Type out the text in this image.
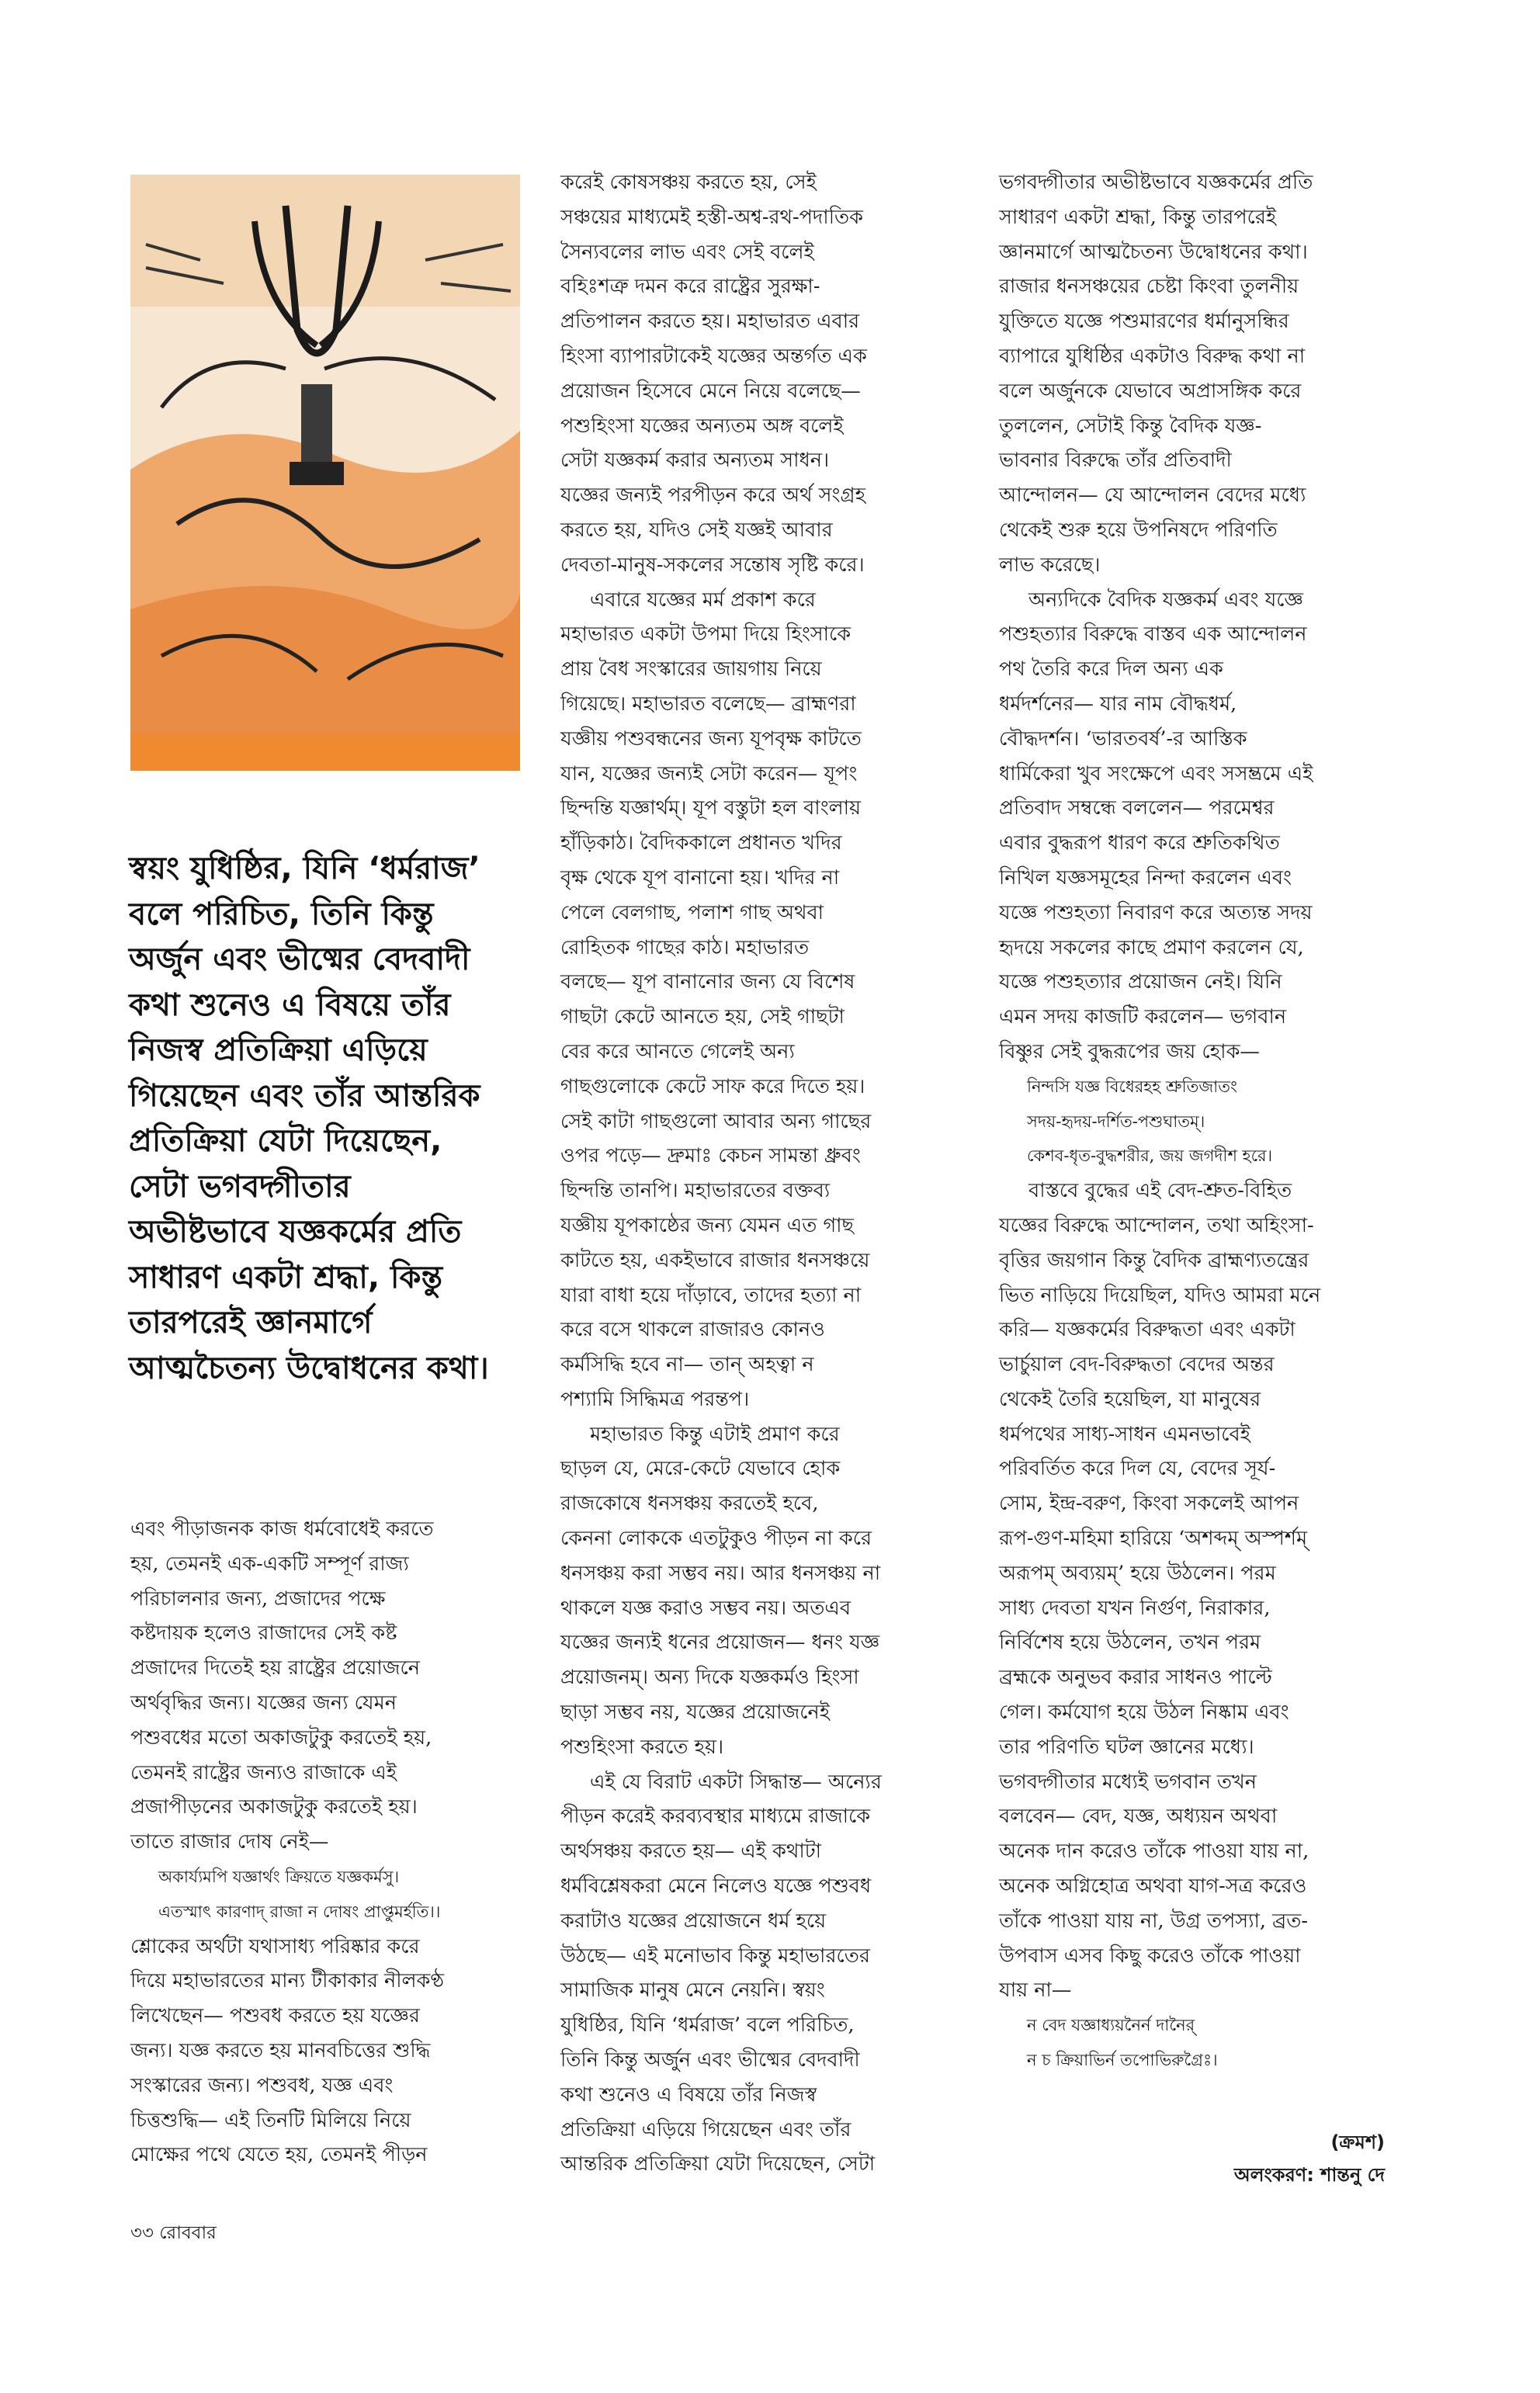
স্বয়ং যুধিষ্ঠির, যিনি ‘ধর্মরাজ’
বলে পরিচিত, তিনি কিন্তু
অর্জুন এবং ভীষ্মের বেদবাদী
কথা শুনেও এ বিষয়ে তাঁর
নিজস্ব প্রতিক্রিয়া এড়িয়ে
গিয়েছেন এবং তাঁর আন্তরিক
প্রতিক্রিয়া যেটা দিয়েছেন,
সেটা ভগবদ্গীতার
অভীষ্টভাবে যজ্ঞকর্মের প্রতি
সাধারণ একটা শ্রদ্ধা, কিন্তু
তারপরেই জ্ঞানমার্গে
আত্মচৈতন্য উদ্বোধনের কথা।
এবং পীড়াজনক কাজ ধর্মবোধেই করতে
হয়, তেমনই এক-একটি সম্পূর্ণ রাজ্য
পরিচালনার জন্য, প্রজাদের পক্ষে
কষ্টদায়ক হলেও রাজাদের সেই কষ্ট
প্রজাদের দিতেই হয় রাষ্ট্রের প্রয়োজনে
অর্থবৃদ্ধির জন্য। যজ্ঞের জন্য যেমন
পশুবধের মতো অকাজটুকু করতেই হয়,
তেমনই রাষ্ট্রের জন্যও রাজাকে এই
প্রজাপীড়নের অকাজটুকু করতেই হয়।
তাতে রাজার দোষ নেই—
অকার্য্যমপি যজ্ঞার্থং ক্রিয়তে যজ্ঞকর্মসু।
এতস্মাৎ কারণাদ্ রাজা ন দোষং প্রাপ্তুমর্হতি।।
শ্লোকের অর্থটা যথাসাধ্য পরিষ্কার করে
দিয়ে মহাভারতের মান্য টীকাকার নীলকণ্ঠ
লিখেছেন— পশুবধ করতে হয় যজ্ঞের
জন্য। যজ্ঞ করতে হয় মানবচিত্তের শুদ্ধি
সংস্কারের জন্য। পশুবধ, যজ্ঞ এবং
চিত্তশুদ্ধি— এই তিনটি মিলিয়ে নিয়ে
মোক্ষের পথে যেতে হয়, তেমনই পীড়ন
করেই কোষসঞ্চয় করতে হয়, সেই
সঞ্চয়ের মাধ্যমেই হস্তী-অশ্ব-রথ-পদাতিক
সৈন্যবলের লাভ এবং সেই বলেই
বহিঃশত্রু দমন করে রাষ্ট্রের সুরক্ষা-
প্রতিপালন করতে হয়। মহাভারত এবার
হিংসা ব্যাপারটাকেই যজ্ঞের অন্তর্গত এক
প্রয়োজন হিসেবে মেনে নিয়ে বলেছে—
পশুহিংসা যজ্ঞের অন্যতম অঙ্গ বলেই
সেটা যজ্ঞকর্ম করার অন্যতম সাধন।
যজ্ঞের জন্যই পরপীড়ন করে অর্থ সংগ্রহ
করতে হয়, যদিও সেই যজ্ঞই আবার
দেবতা-মানুষ-সকলের সন্তোষ সৃষ্টি করে।
এবারে যজ্ঞের মর্ম প্রকাশ করে
মহাভারত একটা উপমা দিয়ে হিংসাকে
প্রায় বৈধ সংস্কারের জায়গায় নিয়ে
গিয়েছে। মহাভারত বলেছে— ব্রাহ্মণরা
যজ্ঞীয় পশুবন্ধনের জন্য যূপবৃক্ষ কাটতে
যান, যজ্ঞের জন্যই সেটা করেন— যূপং
ছিন্দন্তি যজ্ঞার্থম্। যূপ বস্তুটা হল বাংলায়
হাঁড়িকাঠ। বৈদিককালে প্রধানত খদির
বৃক্ষ থেকে যূপ বানানো হয়। খদির না
পেলে বেলগাছ, পলাশ গাছ অথবা
রোহিতক গাছের কাঠ। মহাভারত
বলছে— যূপ বানানোর জন্য যে বিশেষ
গাছটা কেটে আনতে হয়, সেই গাছটা
বের করে আনতে গেলেই অন্য
গাছগুলোকে কেটে সাফ করে দিতে হয়।
সেই কাটা গাছগুলো আবার অন্য গাছের
ওপর পড়ে— দ্রুমাঃ কেচন সামন্তা ধ্রুবং
ছিন্দন্তি তানপি। মহাভারতের বক্তব্য
যজ্ঞীয় যূপকাষ্ঠের জন্য যেমন এত গাছ
কাটতে হয়, একইভাবে রাজার ধনসঞ্চয়ে
যারা বাধা হয়ে দাঁড়াবে, তাদের হত্যা না
করে বসে থাকলে রাজারও কোনও
কর্মসিদ্ধি হবে না— তান্ অহত্বা ন
পশ্যামি সিদ্ধিমত্র পরন্তপ।
মহাভারত কিন্তু এটাই প্রমাণ করে
ছাড়ল যে, মেরে-কেটে যেভাবে হোক
রাজকোষে ধনসঞ্চয় করতেই হবে,
কেননা লোককে এতটুকুও পীড়ন না করে
ধনসঞ্চয় করা সম্ভব নয়। আর ধনসঞ্চয় না
থাকলে যজ্ঞ করাও সম্ভব নয়। অতএব
যজ্ঞের জন্যই ধনের প্রয়োজন— ধনং যজ্ঞ
প্রয়োজনম্। অন্য দিকে যজ্ঞকর্মও হিংসা
ছাড়া সম্ভব নয়, যজ্ঞের প্রয়োজনেই
পশুহিংসা করতে হয়।
এই যে বিরাট একটা সিদ্ধান্ত— অন্যের
পীড়ন করেই করব্যবস্থার মাধ্যমে রাজাকে
অর্থসঞ্চয় করতে হয়— এই কথাটা
ধর্মবিশ্লেষকরা মেনে নিলেও যজ্ঞে পশুবধ
করাটাও যজ্ঞের প্রয়োজনে ধর্ম হয়ে
উঠছে— এই মনোভাব কিন্তু মহাভারতের
সামাজিক মানুষ মেনে নেয়নি। স্বয়ং
যুধিষ্ঠির, যিনি ‘ধর্মরাজ’ বলে পরিচিত,
তিনি কিন্তু অর্জুন এবং ভীষ্মের বেদবাদী
কথা শুনেও এ বিষয়ে তাঁর নিজস্ব
প্রতিক্রিয়া এড়িয়ে গিয়েছেন এবং তাঁর
আন্তরিক প্রতিক্রিয়া যেটা দিয়েছেন, সেটা
ভগবদ্গীতার অভীষ্টভাবে যজ্ঞকর্মের প্রতি
সাধারণ একটা শ্রদ্ধা, কিন্তু তারপরেই
জ্ঞানমার্গে আত্মচৈতন্য উদ্বোধনের কথা।
রাজার ধনসঞ্চয়ের চেষ্টা কিংবা তুলনীয়
যুক্তিতে যজ্ঞে পশুমারণের ধর্মানুসন্ধির
ব্যাপারে যুধিষ্ঠির একটাও বিরুদ্ধ কথা না
বলে অর্জুনকে যেভাবে অপ্রাসঙ্গিক করে
তুললেন, সেটাই কিন্তু বৈদিক যজ্ঞ-
ভাবনার বিরুদ্ধে তাঁর প্রতিবাদী
আন্দোলন— যে আন্দোলন বেদের মধ্যে
থেকেই শুরু হয়ে উপনিষদে পরিণতি
লাভ করেছে।
অন্যদিকে বৈদিক যজ্ঞকর্ম এবং যজ্ঞে
পশুহত্যার বিরুদ্ধে বাস্তব এক আন্দোলন
পথ তৈরি করে দিল অন্য এক
ধর্মদর্শনের— যার নাম বৌদ্ধধর্ম,
বৌদ্ধদর্শন। ‘ভারতবর্ষ’-র আস্তিক
ধার্মিকেরা খুব সংক্ষেপে এবং সসম্ভ্রমে এই
প্রতিবাদ সম্বন্ধে বললেন— পরমেশ্বর
এবার বুদ্ধরূপ ধারণ করে শ্রুতিকথিত
নিখিল যজ্ঞসমূহের নিন্দা করলেন এবং
যজ্ঞে পশুহত্যা নিবারণ করে অত্যন্ত সদয়
হৃদয়ে সকলের কাছে প্রমাণ করলেন যে,
যজ্ঞে পশুহত্যার প্রয়োজন নেই। যিনি
এমন সদয় কাজটি করলেন— ভগবান
বিষ্ণুর সেই বুদ্ধরূপের জয় হোক—
নিন্দসি যজ্ঞ বিধেরহহ শ্রুতিজাতং
সদয়-হৃদয়-দর্শিত-পশুঘাতম্।
কেশব-ধৃত-বুদ্ধশরীর, জয় জগদীশ হরে।
বাস্তবে বুদ্ধের এই বেদ-শ্রুত-বিহিত
যজ্ঞের বিরুদ্ধে আন্দোলন, তথা অহিংসা-
বৃত্তির জয়গান কিন্তু বৈদিক ব্রাহ্মণ্যতন্ত্রের
ভিত নাড়িয়ে দিয়েছিল, যদিও আমরা মনে
করি— যজ্ঞকর্মের বিরুদ্ধতা এবং একটা
ভার্চুয়াল বেদ-বিরুদ্ধতা বেদের অন্তর
থেকেই তৈরি হয়েছিল, যা মানুষের
ধর্মপথের সাধ্য-সাধন এমনভাবেই
পরিবর্তিত করে দিল যে, বেদের সূর্য-
সোম, ইন্দ্র-বরুণ, কিংবা সকলেই আপন
রূপ-গুণ-মহিমা হারিয়ে ‘অশব্দম্ অস্পর্শম্
অরূপম্ অব্যয়ম্’ হয়ে উঠলেন। পরম
সাধ্য দেবতা যখন নির্গুণ, নিরাকার,
নির্বিশেষ হয়ে উঠলেন, তখন পরম
ব্রহ্মকে অনুভব করার সাধনও পাল্টে
গেল। কর্মযোগ হয়ে উঠল নিষ্কাম এবং
তার পরিণতি ঘটল জ্ঞানের মধ্যে।
ভগবদ্গীতার মধ্যেই ভগবান তখন
বলবেন— বেদ, যজ্ঞ, অধ্যয়ন অথবা
অনেক দান করেও তাঁকে পাওয়া যায় না,
অনেক অগ্নিহোত্র অথবা যাগ-সত্র করেও
তাঁকে পাওয়া যায় না, উগ্র তপস্যা, ব্রত-
উপবাস এসব কিছু করেও তাঁকে পাওয়া
যায় না—
ন বেদ যজ্ঞাধ্যয়নৈর্ন দানৈর্
ন চ ক্রিয়াভির্ন তপোভিরুগ্রৈঃ।
(ক্রমশ)
অলংকরণ: শান্তনু দে
৩৩ রোববার
